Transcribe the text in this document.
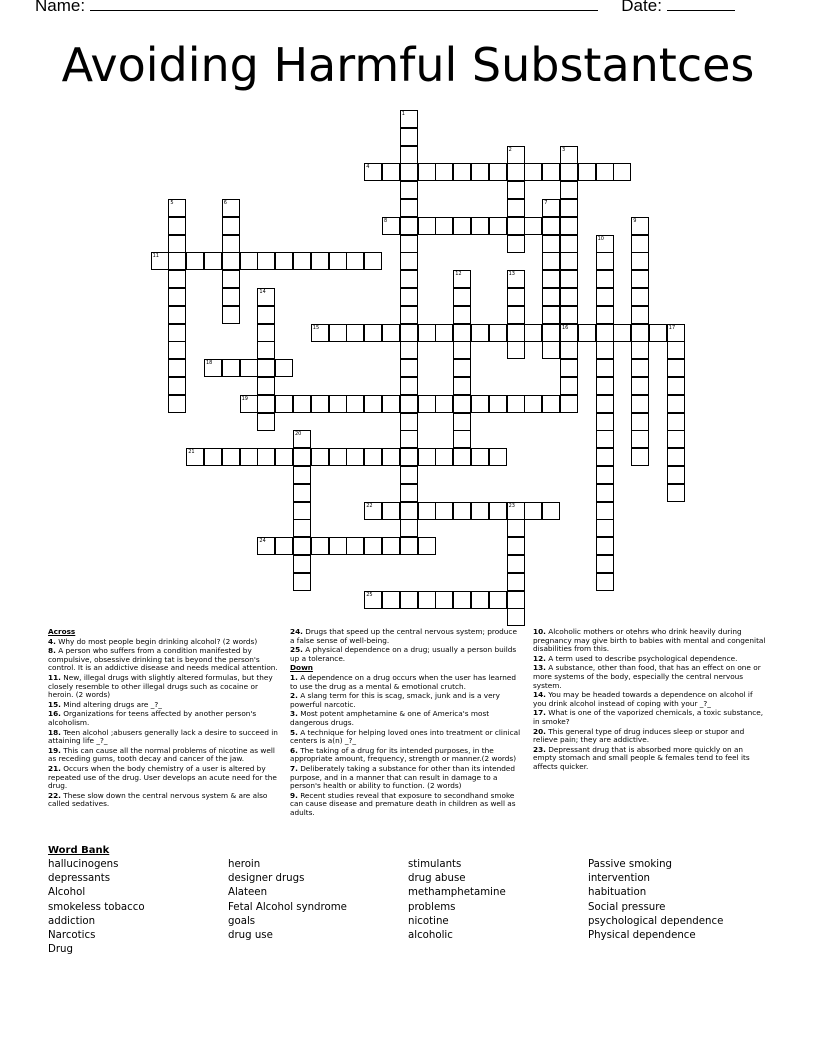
Name:	Date:
Avoiding Harmful Substantces
1
2	3
16
4
5	6	7
8	9
10
11
12	13
14
15	17
18
19
20
21
22	23
24
25

Across

4. Why do most people begin drinking alcohol? (2 words)

8. A person who suffers from a condition manifested by compulsive, obsessive drinking tat is beyond the person's control. It is an addictive disease and needs medical attention.

11. New, illegal drugs with slightly altered formulas, but they closely resemble to other illegal drugs such as cocaine or heroin. (2 words)

15. Mind altering drugs are _?_

16. Organizations for teens affected by another person's alcoholism.

18. Teen alcohol ;abusers generally lack a desire to succeed in attaining life _?_

19. This can cause all the normal problems of nicotine as well as receding gums, tooth decay and cancer of the jaw.

21. Occurs when the body chemistry of a user is altered by repeated use of the drug. User develops an acute need for the drug.

22. These slow down the central nervous system & are also called sedatives.

24. Drugs that speed up the central nervous system; produce a false sense of well-being.

25. A physical dependence on a drug; usually a person builds up a tolerance.

Down

1. A dependence on a drug occurs when the user has learned to use the drug as a mental & emotional crutch.

2. A slang term for this is scag, smack, junk and is a very powerful narcotic.

3. Most potent amphetamine & one of America's most dangerous drugs.

5. A technique for helping loved ones into treatment or clinical centers is a(n) _?_

6. The taking of a drug for its intended purposes, in the appropriate amount, frequency, strength or manner.(2 words)

7. Deliberately taking a substance for other than its intended purpose, and in a manner that can result in damage to a person's health or ability to function. (2 words)

9. Recent studies reveal that exposure to secondhand smoke can cause disease and premature death in children as well as adults.

10. Alcoholic mothers or otehrs who drink heavily during pregnancy may give birth to babies with mental and congenital disabilities from this.

12. A term used to describe psychological dependence.

13. A substance, other than food, that has an effect on one or more systems of the body, especially the central nervous system.

14. You may be headed towards a dependence on alcohol if you drink alcohol instead of coping with your _?_

17. What is one of the vaporized chemicals, a toxic substance, in smoke?

20. This general type of drug induces sleep or stupor and relieve pain; they are addictive.

23. Depressant drug that is absorbed more quickly on an empty stomach and small people & females tend to feel its affects quicker.

Word Bank
hallucinogens
depressants
Alcohol
smokeless tobacco
addiction
Narcotics
Drug
heroin
designer drugs
Alateen
Fetal Alcohol syndrome
goals
drug use
stimulants
drug abuse
methamphetamine
problems
nicotine
alcoholic
Passive smoking
intervention
habituation
Social pressure
psychological dependence
Physical dependence
